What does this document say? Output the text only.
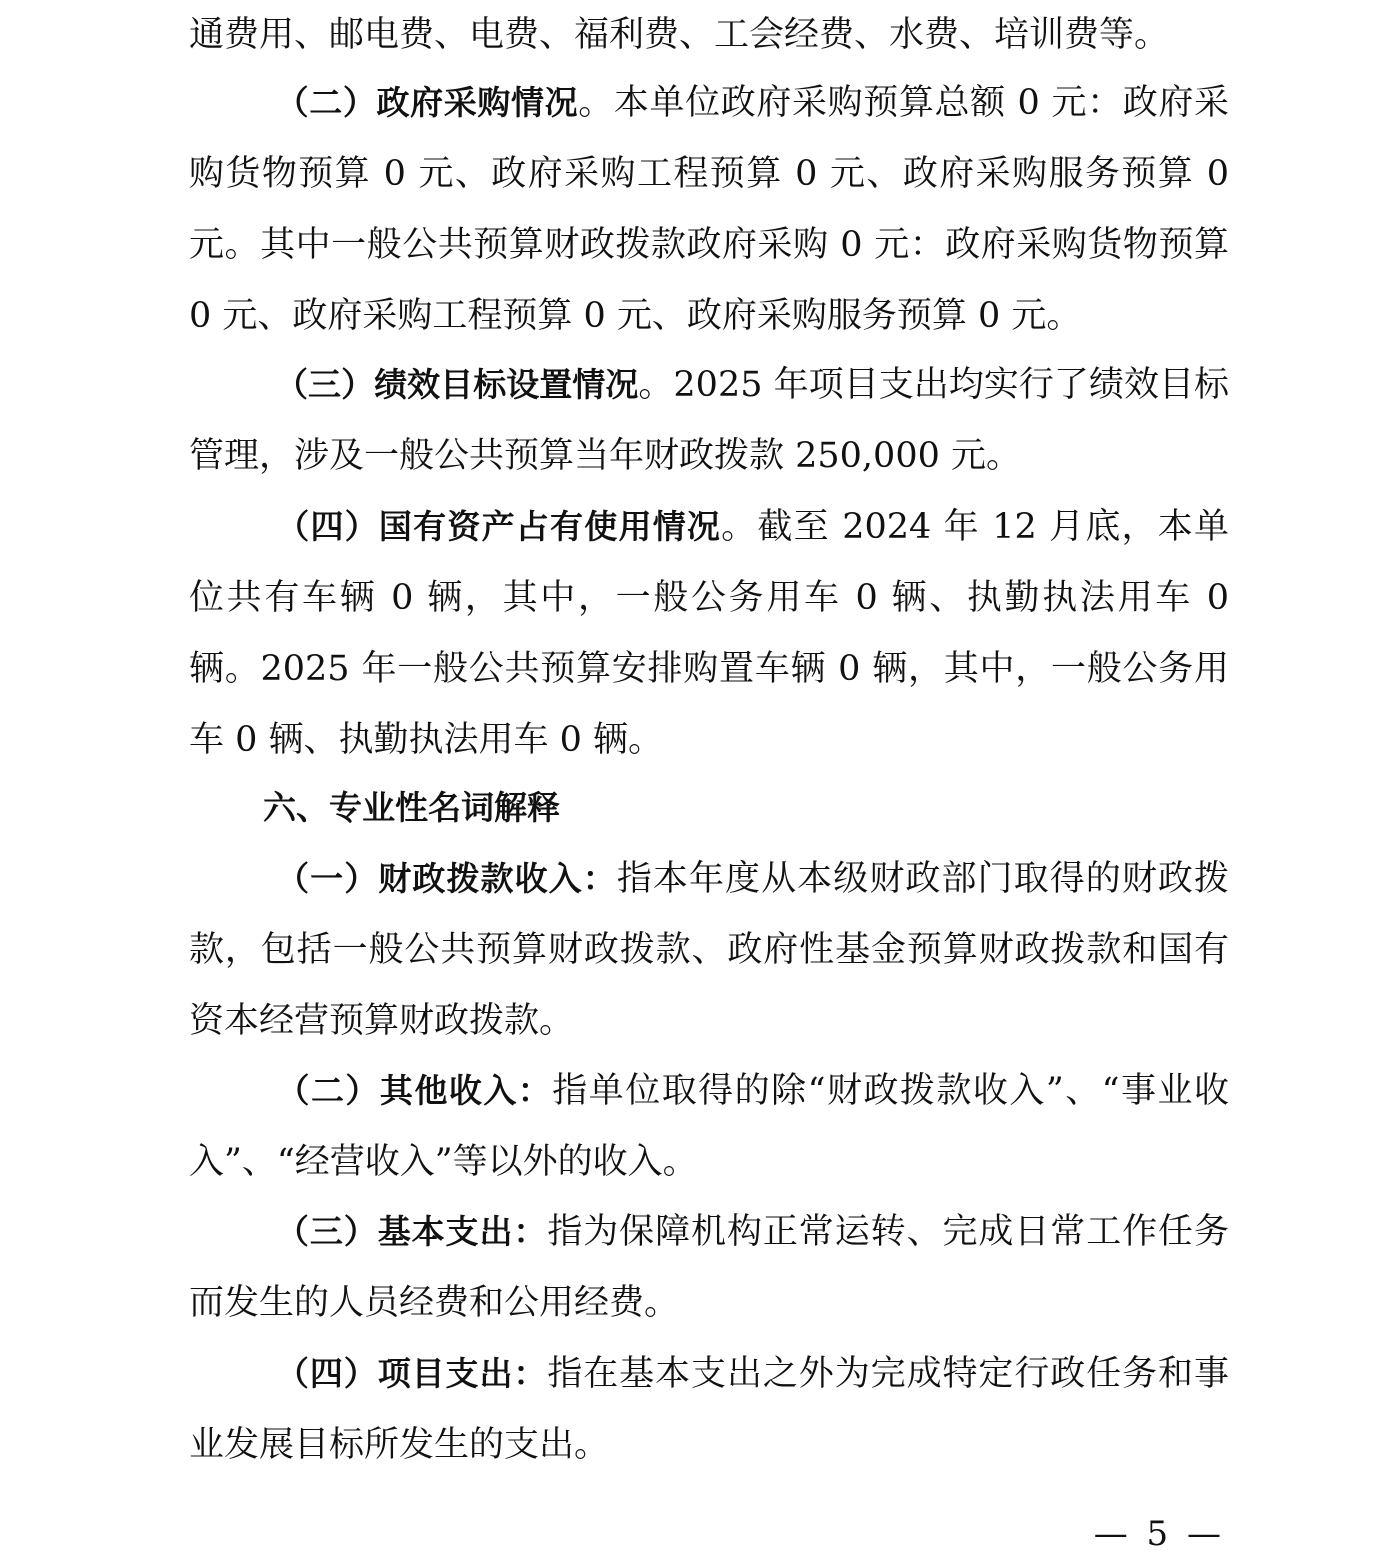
通费用、邮电费、电费、福利费、工会经费、水费、培训费等。

（二）政府采购情况。本单位政府采购预算总额 0 元：政府采购货物预算 0 元、政府采购工程预算 0 元、政府采购服务预算 0 元。其中一般公共预算财政拨款政府采购 0 元：政府采购货物预算 0 元、政府采购工程预算 0 元、政府采购服务预算 0 元。

（三）绩效目标设置情况。2025 年项目支出均实行了绩效目标管理，涉及一般公共预算当年财政拨款 250,000 元。

（四）国有资产占有使用情况。截至 2024 年 12 月底，本单位共有车辆 0 辆，其中，一般公务用车 0 辆、执勤执法用车 0 辆。2025 年一般公共预算安排购置车辆 0 辆，其中，一般公务用车 0 辆、执勤执法用车 0 辆。

六、专业性名词解释

（一）财政拨款收入：指本年度从本级财政部门取得的财政拨款，包括一般公共预算财政拨款、政府性基金预算财政拨款和国有资本经营预算财政拨款。

（二）其他收入：指单位取得的除“财政拨款收入”、“事业收入”、“经营收入”等以外的收入。

（三）基本支出：指为保障机构正常运转、完成日常工作任务而发生的人员经费和公用经费。

（四）项目支出：指在基本支出之外为完成特定行政任务和事业发展目标所发生的支出。

— 5 —
